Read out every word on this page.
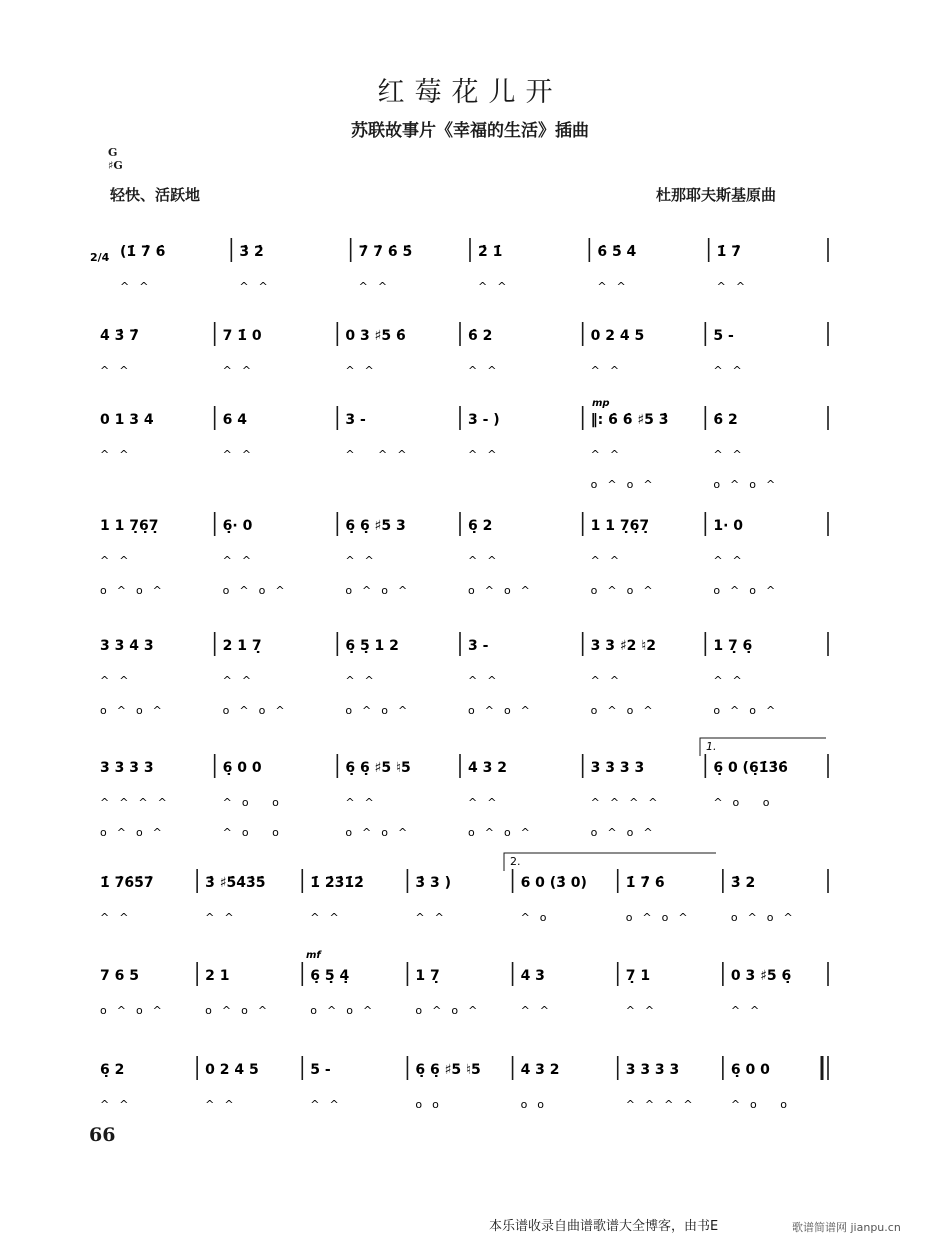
红莓花儿开
苏联故事片《幸福的生活》插曲
G
♯G
轻快、活跃地	杜那耶夫斯基原曲
2/4 (1̇ 7̇ 6̇
^^
3̇ 2̇
^^
7̇ 7̇ 6̇ 5̇
^^
2̇ 1̇
^^
6̇ 5̇ 4̇
^^
1̇ 7̇
^^
4̇ 3̇ 7̇
^^
7 1̇ 0
^^
0 3 ♯5 6̇
^^
6̇ 2
^^
0 2 4 5
^^
5 -
^^
0 1 3 4
^^
6 4
^^
3 -
^ ^^
3 - )
^^
‖: 6̇ 6̇ ♯5 3̇
^^
o^o^
6̇ 2
^^
o^o^
1 1 7̣6̣7̣
^^
o^o^
6̣· 0
^^
o^o^
6̣ 6̣ ♯5 3
^^
o^o^
6̣ 2
^^
o^o^
1 1 7̣6̣7̣
^^
o^o^
1· 0
^^
o^o^
3 3 4 3
^^
o^o^
2 1 7̣
^^
o^o^
6̣ 5̣ 1 2
^^
o^o^
3 -
^^
o^o^
3 3 ♯2 ♮2
^^
o^o^
1 7̣ 6̣
^^
o^o^
3 3 3 3
^^^^
o^o^
6̣ 0 0
^o o
^o o
6̣ 6̣ ♯5 ♮5
^^
o^o^
4 3 2
^^
o^o^
3 3 3 3
^^^^
o^o^
6̣ 0 (6̣1̇3̇6̇
^o o
1̇ 7̇6̇5̇7̇
^^
3̇ ♯5̇4̇3̇5̇
^^
1̇ 2̇3̇1̇2̇
^^
3̇ 3 )
^^
6 0 (3̇ 0)
^o
1̇ 7̇ 6̇
o^o^
3̇ 2
o^o^
7 6 5
o^o^
2 1
o^o^
6̣ 5̣ 4̣
o^o^
1 7̣
o^o^
4 3
^^
7̣ 1
^^
0 3 ♯5 6̣
^^
6̣ 2
^^
0 2 4 5
^^
5 -
^^
6̣ 6̣ ♯5 ♮5
oo
4 3 2
oo
3 3 3 3
^^^^
6̣ 0 0
^o o
mp
mf
1.
2.
66
本乐谱收录自曲谱歌谱大全博客，由书E	歌谱简谱网 jianpu.cn
